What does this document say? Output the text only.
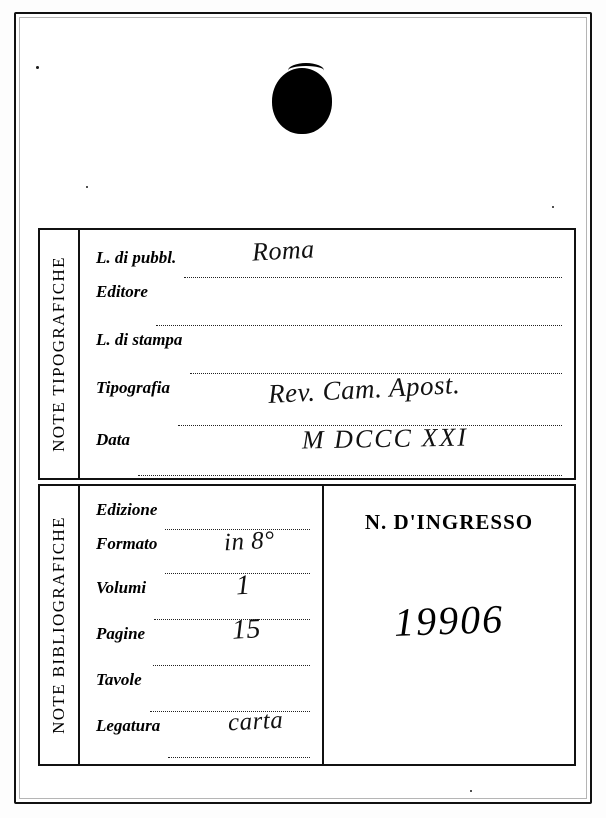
NOTE TIPOGRAFICHE	L. di pubbl.	Roma
Editore
L. di stampa
Tipografia	Rev. Cam. Apost.
Data	M DCCC XXI
NOTE BIBLIOGRAFICHE
Edizione
Formato	in 8°
Volumi	1
Pagine	15
Tavole
Legatura	carta
N. D'INGRESSO
19906
